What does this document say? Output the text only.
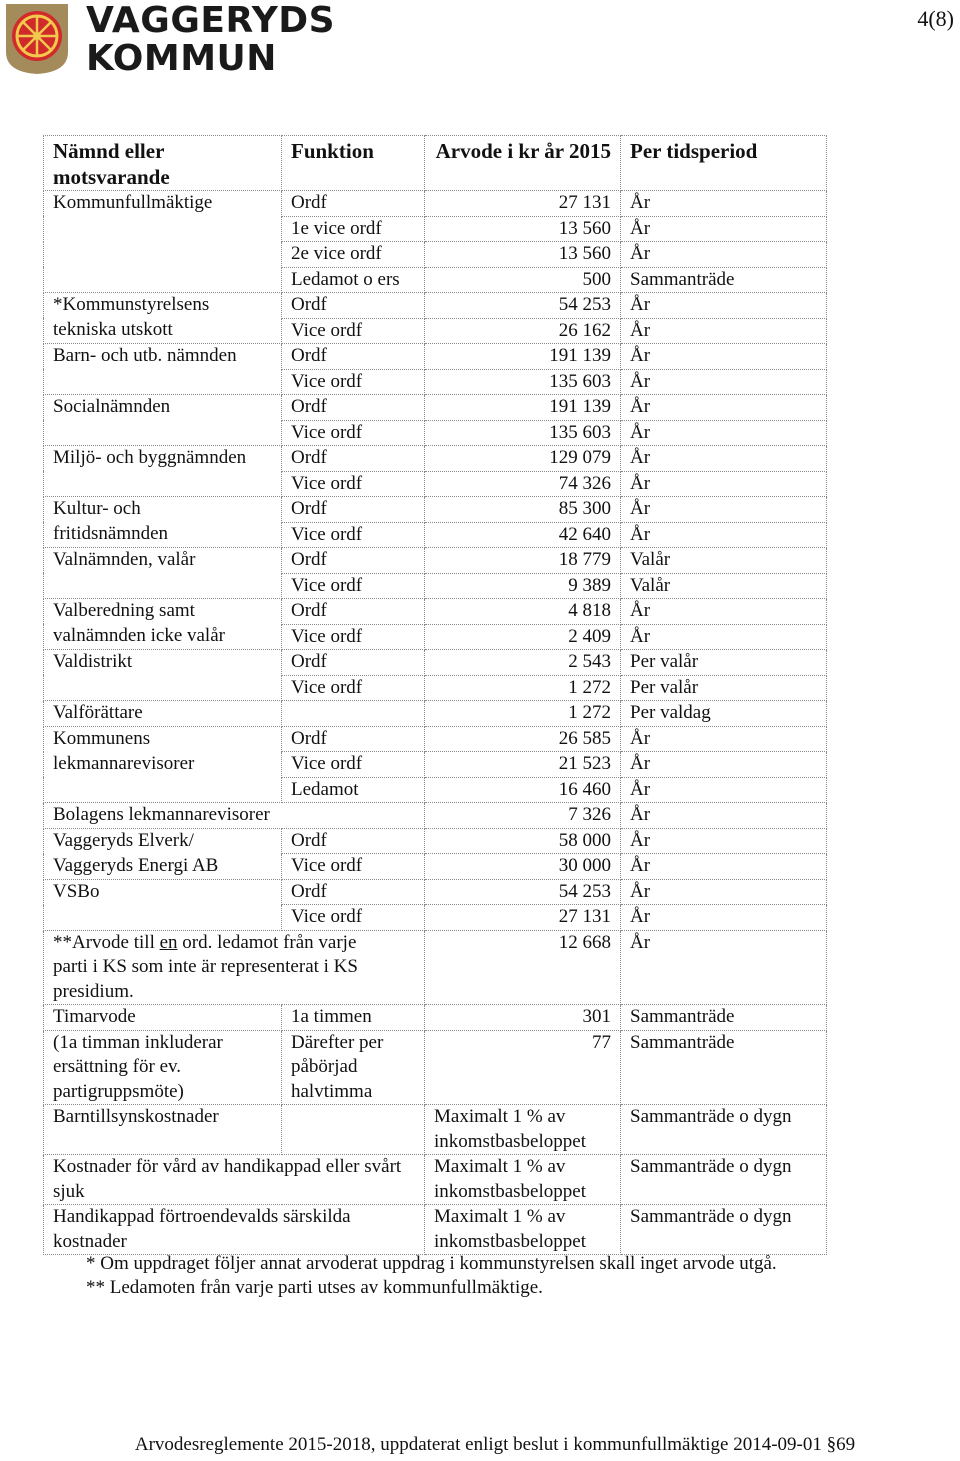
VAGGERYDS
KOMMUN
4(8)
Nämnd eller motsvarande	Funktion	Arvode i kr år 2015	Per tidsperiod
Kommunfullmäktige	Ordf	27 131	År
	1e vice ordf	13 560	År
	2e vice ordf	13 560	År
	Ledamot o ers	500	Sammanträde
*Kommunstyrelsens	Ordf	54 253	År
tekniska utskott	Vice ordf	26 162	År
Barn- och utb. nämnden	Ordf	191 139	År
	Vice ordf	135 603	År
Socialnämnden	Ordf	191 139	År
	Vice ordf	135 603	År
Miljö- och byggnämnden	Ordf	129 079	År
	Vice ordf	74 326	År
Kultur- och	Ordf	85 300	År
fritidsnämnden	Vice ordf	42 640	År
Valnämnden, valår	Ordf	18 779	Valår
	Vice ordf	9 389	Valår
Valberedning samt	Ordf	4 818	År
valnämnden icke valår	Vice ordf	2 409	År
Valdistrikt	Ordf	2 543	Per valår
	Vice ordf	1 272	Per valår
Valförättare		1 272	Per valdag
Kommunens	Ordf	26 585	År
lekmannarevisorer	Vice ordf	21 523	År
	Ledamot	16 460	År
Bolagens lekmannarevisorer		7 326	År
Vaggeryds Elverk/	Ordf	58 000	År
Vaggeryds Energi AB	Vice ordf	30 000	År
VSBo	Ordf	54 253	År
	Vice ordf	27 131	År
**Arvode till en ord. ledamot från varje parti i KS som inte är representerat i KS presidium.		12 668	År
Timarvode	1a timmen	301	Sammanträde
(1a timman inkluderar ersättning för ev. partigruppsmöte)	Därefter per påbörjad halvtimma	77	Sammanträde
Barntillsynskostnader		Maximalt 1 % av inkomstbasbeloppet	Sammanträde o dygn
Kostnader för vård av handikappad eller svårt sjuk		Maximalt 1 % av inkomstbasbeloppet	Sammanträde o dygn
Handikappad förtroendevalds särskilda kostnader		Maximalt 1 % av inkomstbasbeloppet	Sammanträde o dygn
* Om uppdraget följer annat arvoderat uppdrag i kommunstyrelsen skall inget arvode utgå.
** Ledamoten från varje parti utses av kommunfullmäktige.
Arvodesreglemente 2015-2018, uppdaterat enligt beslut i kommunfullmäktige 2014-09-01 §69
